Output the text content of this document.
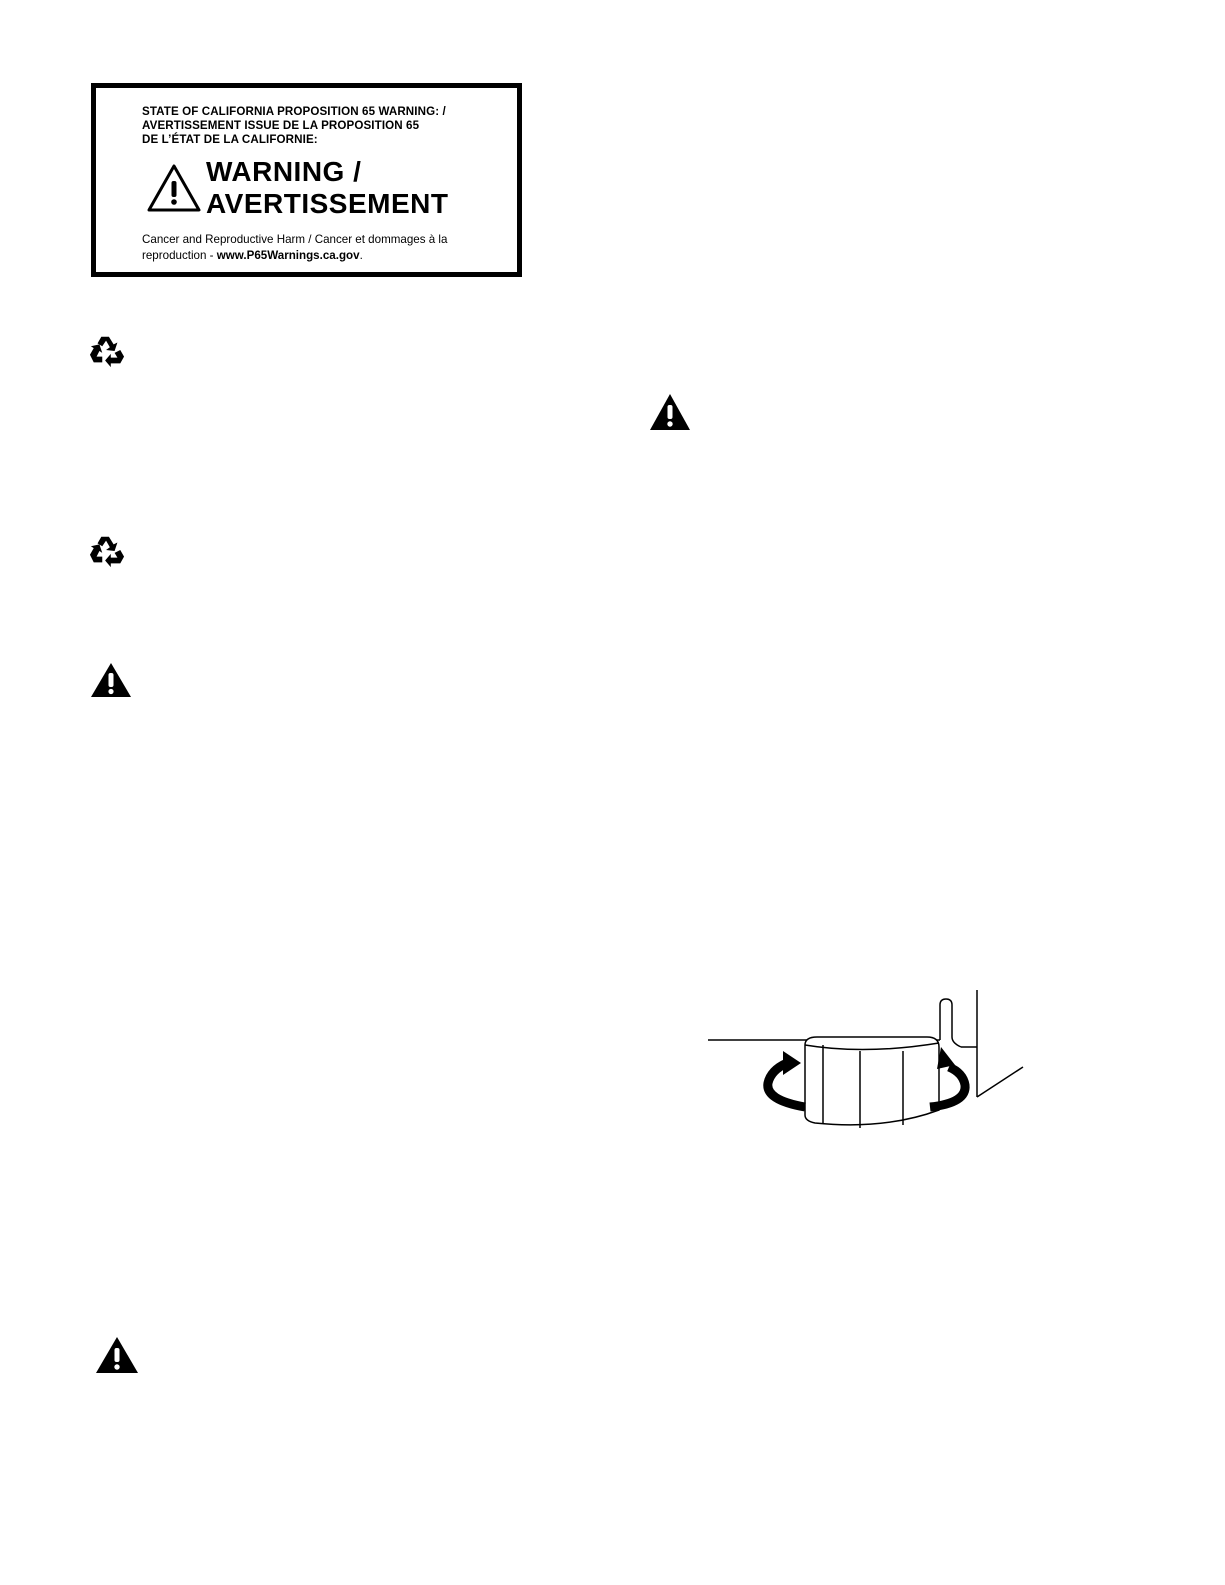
STATE OF CALIFORNIA PROPOSITION 65 WARNING: /
AVERTISSEMENT ISSUE DE LA PROPOSITION 65
DE L’ÉTAT DE LA CALIFORNIE:
WARNING /
AVERTISSEMENT
Cancer and Reproductive Harm / Cancer et dommages à la
reproduction - www.P65Warnings.ca.gov.
